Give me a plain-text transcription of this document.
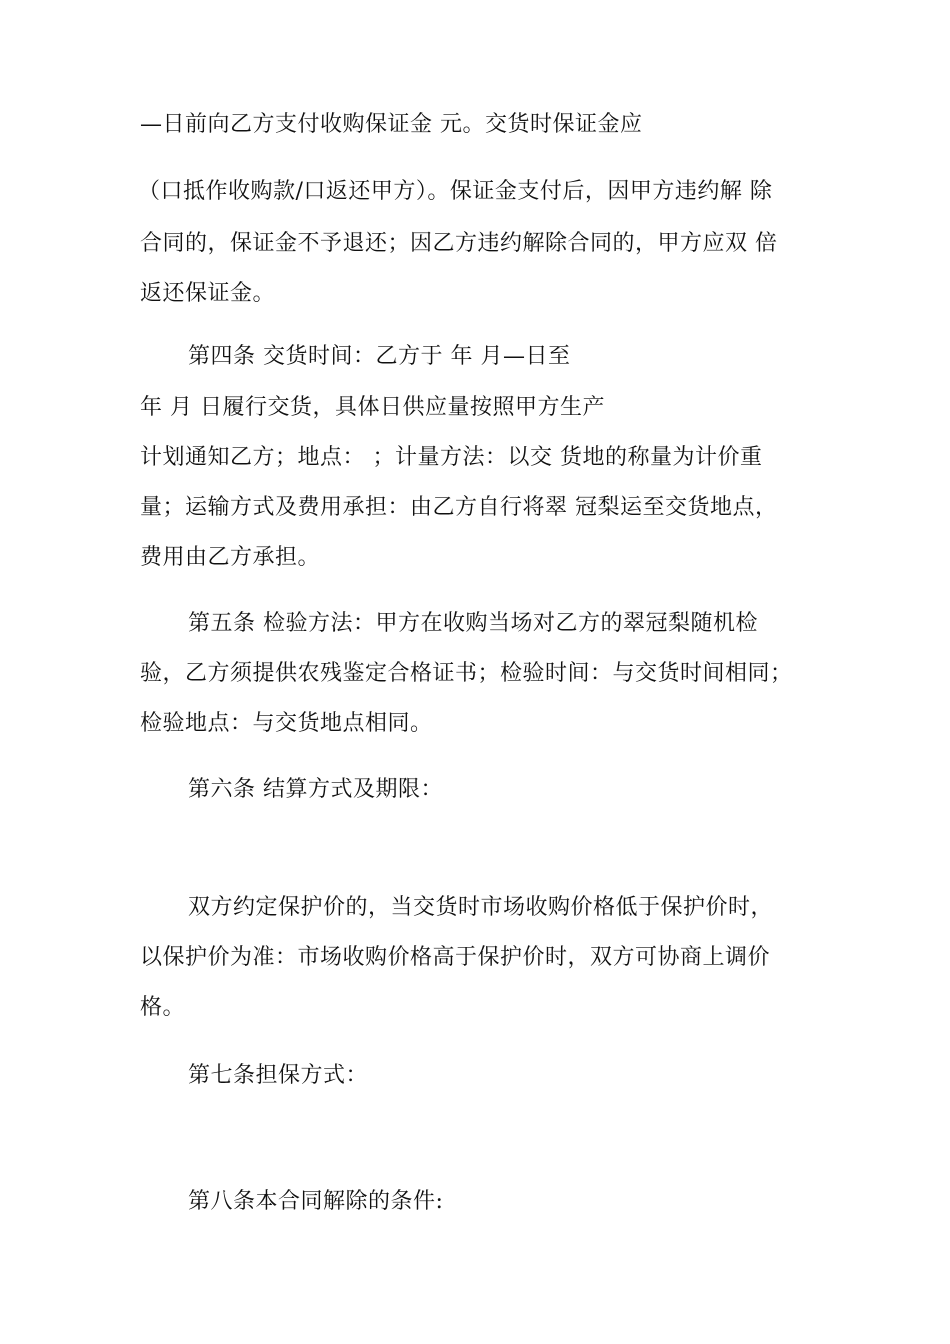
—日前向乙方支付收购保证金 元。交货时保证金应
（口抵作收购款/口返还甲方）。保证金支付后，因甲方违约解 除
合同的，保证金不予退还；因乙方违约解除合同的，甲方应双 倍
返还保证金。
第四条 交货时间：乙方于 年 月—日至
年 月 日履行交货，具体日供应量按照甲方生产
计划通知乙方；地点： ；计量方法：以交 货地的称量为计价重
量；运输方式及费用承担：由乙方自行将翠 冠梨运至交货地点，
费用由乙方承担。
第五条 检验方法：甲方在收购当场对乙方的翠冠梨随机检
验，乙方须提供农残鉴定合格证书；检验时间：与交货时间相同；
检验地点：与交货地点相同。
第六条 结算方式及期限：
双方约定保护价的，当交货时市场收购价格低于保护价时，
以保护价为准：市场收购价格高于保护价时，双方可协商上调价
格。
第七条担保方式：
第八条本合同解除的条件:
